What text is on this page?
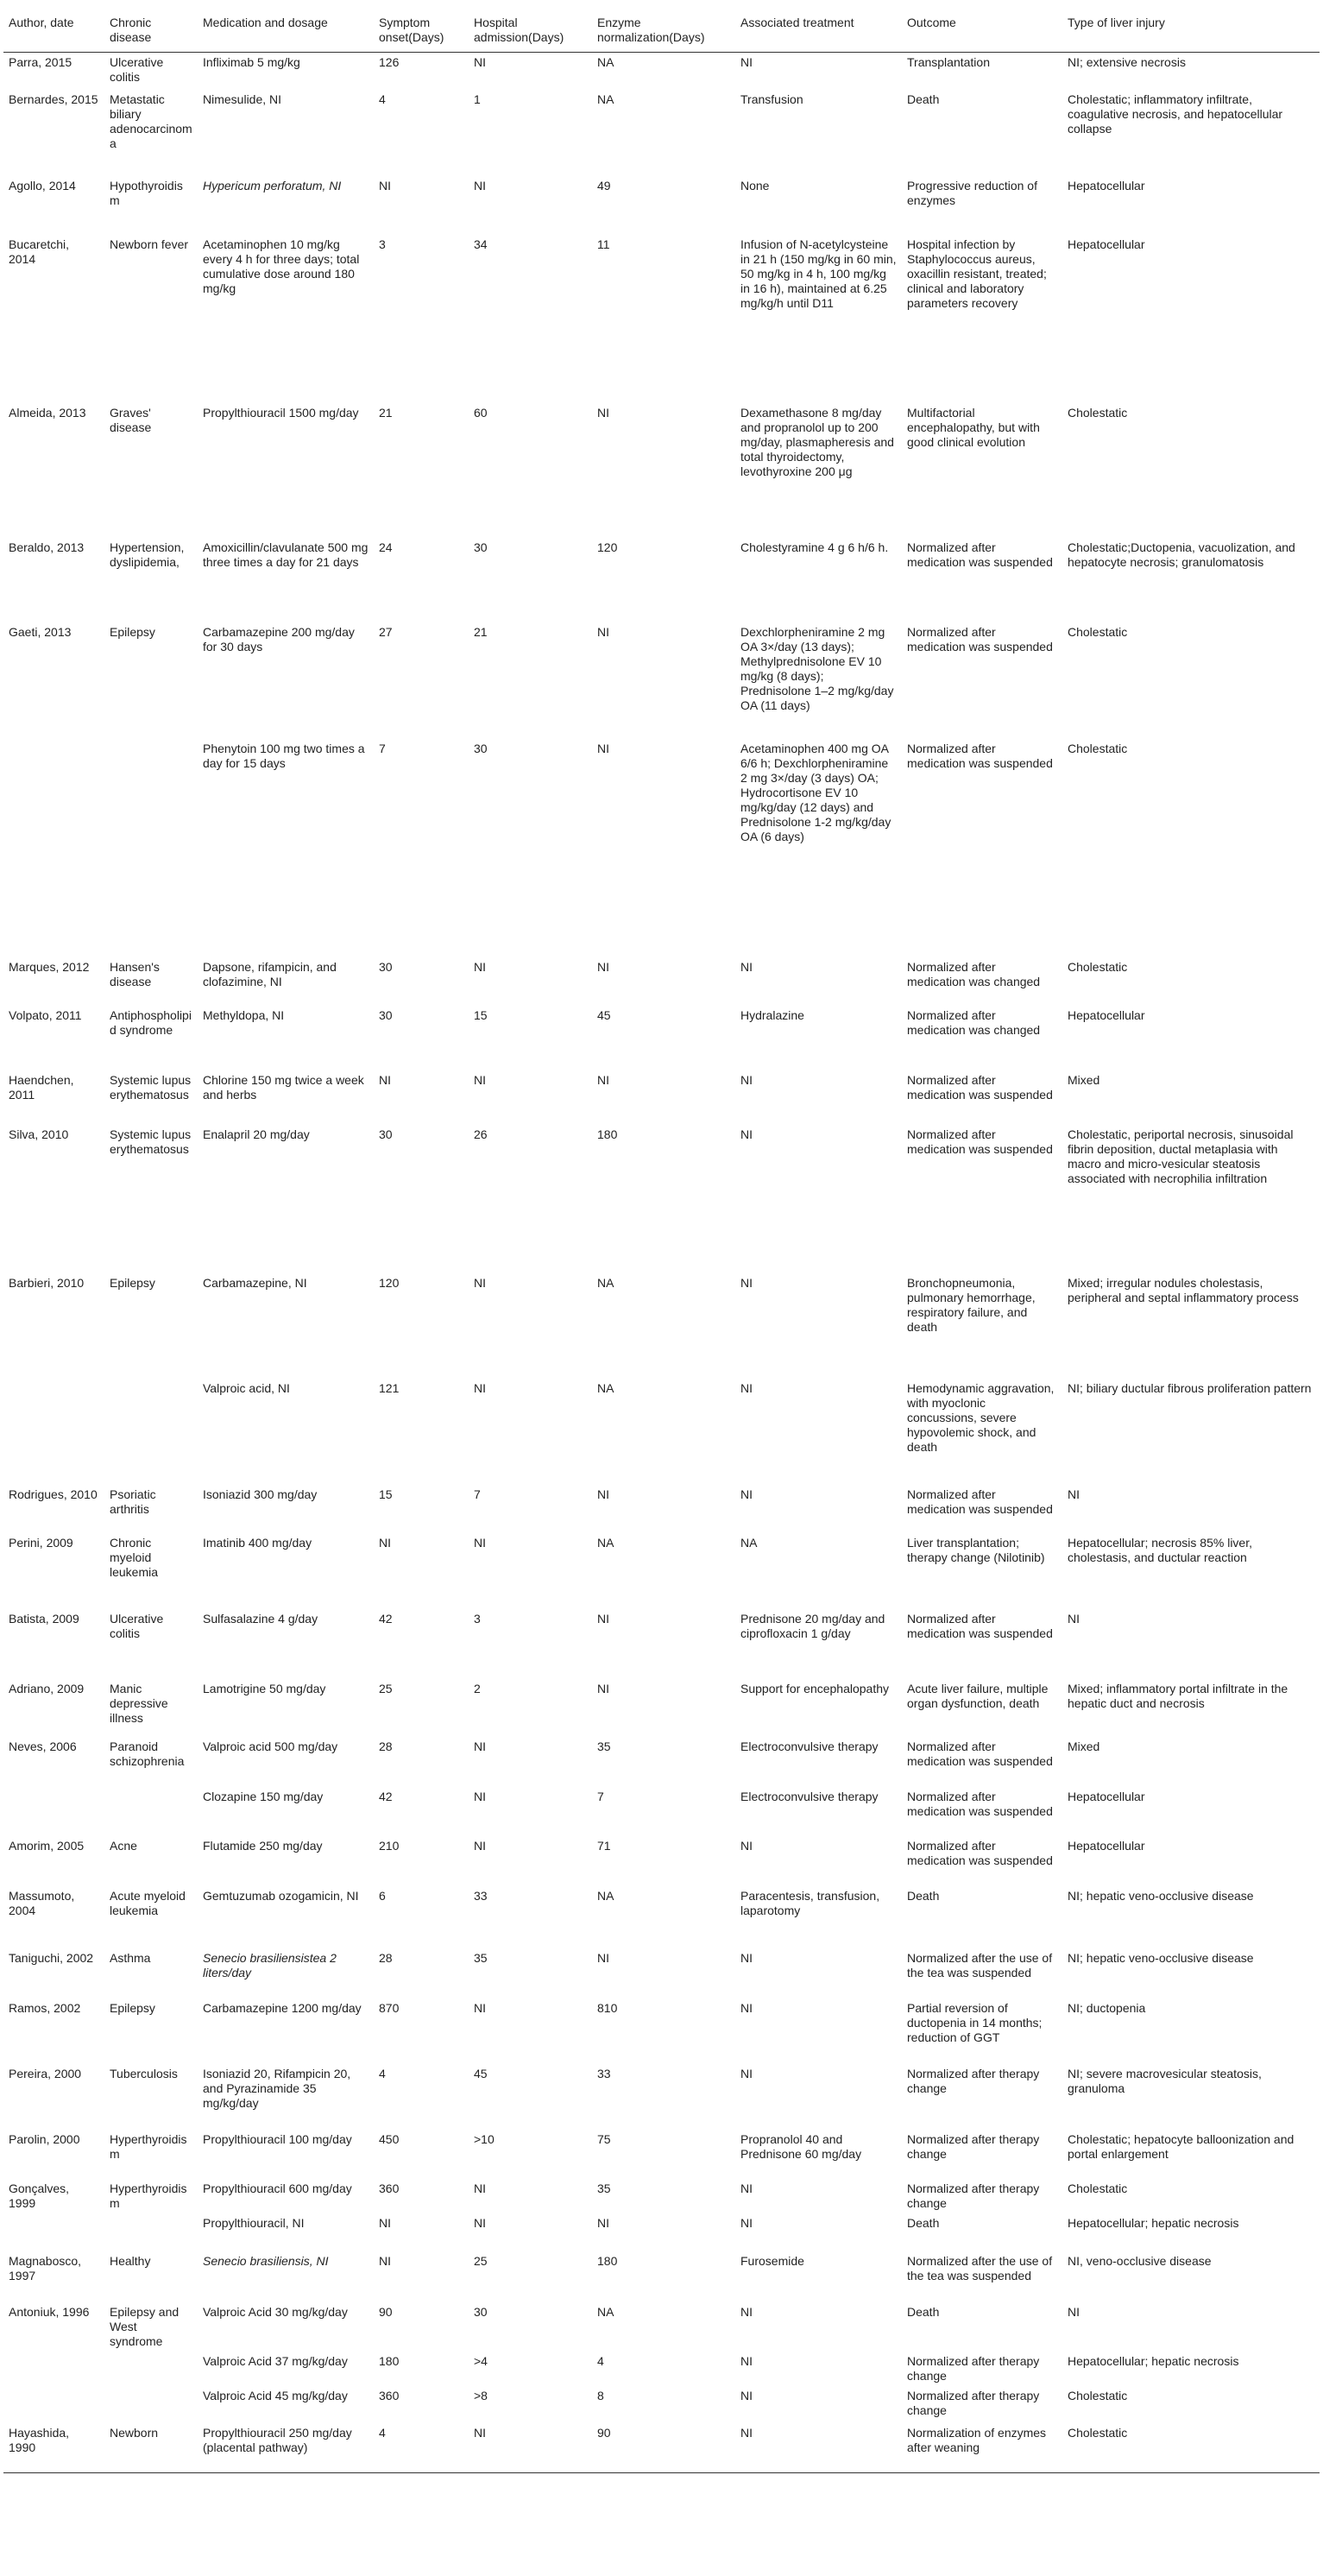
Author, date	Chronic disease	Medication and dosage	Symptom onset(Days)	Hospital admission(Days)	Enzyme normalization(Days)	Associated treatment	Outcome	Type of liver injury
Parra, 2015	Ulcerative colitis	Infliximab 5 mg/kg	126	NI	NA	NI	Transplantation	NI; extensive necrosis
Bernardes, 2015	Metastatic biliary adenocarcinoma	Nimesulide, NI	4	1	NA	Transfusion	Death	Cholestatic; inflammatory infiltrate, coagulative necrosis, and hepatocellular collapse
Agollo, 2014	Hypothyroidism	Hypericum perforatum, NI	NI	NI	49	None	Progressive reduction of enzymes	Hepatocellular
Bucaretchi, 2014	Newborn fever	Acetaminophen 10 mg/kg every 4 h for three days; total cumulative dose around 180 mg/kg	3	34	11	Infusion of N-acetylcysteine in 21 h (150 mg/kg in 60 min, 50 mg/kg in 4 h, 100 mg/kg in 16 h), maintained at 6.25 mg/kg/h until D11	Hospital infection by Staphylococcus aureus, oxacillin resistant, treated; clinical and laboratory parameters recovery	Hepatocellular
Almeida, 2013	Graves' disease	Propylthiouracil 1500 mg/day	21	60	NI	Dexamethasone 8 mg/day and propranolol up to 200 mg/day, plasmapheresis and total thyroidectomy, levothyroxine 200 μg	Multifactorial encephalopathy, but with good clinical evolution	Cholestatic
Beraldo, 2013	Hypertension, dyslipidemia,	Amoxicillin/clavulanate 500 mg three times a day for 21 days	24	30	120	Cholestyramine 4 g 6 h/6 h.	Normalized after medication was suspended	Cholestatic;Ductopenia, vacuolization, and hepatocyte necrosis; granulomatosis
Gaeti, 2013	Epilepsy	Carbamazepine 200 mg/day for 30 days	27	21	NI	Dexchlorpheniramine 2 mg OA 3×/day (13 days); Methylprednisolone EV 10 mg/kg (8 days); Prednisolone 1–2 mg/kg/day OA (11 days)	Normalized after medication was suspended	Cholestatic
		Phenytoin 100 mg two times a day for 15 days	7	30	NI	Acetaminophen 400 mg OA 6/6 h; Dexchlorpheniramine 2 mg 3×/day (3 days) OA; Hydrocortisone EV 10 mg/kg/day (12 days) and Prednisolone 1-2 mg/kg/day OA (6 days)	Normalized after medication was suspended	Cholestatic
Marques, 2012	Hansen's disease	Dapsone, rifampicin, and clofazimine, NI	30	NI	NI	NI	Normalized after medication was changed	Cholestatic
Volpato, 2011	Antiphospholipid syndrome	Methyldopa, NI	30	15	45	Hydralazine	Normalized after medication was changed	Hepatocellular
Haendchen, 2011	Systemic lupus erythematosus	Chlorine 150 mg twice a week and herbs	NI	NI	NI	NI	Normalized after medication was suspended	Mixed
Silva, 2010	Systemic lupus erythematosus	Enalapril 20 mg/day	30	26	180	NI	Normalized after medication was suspended	Cholestatic, periportal necrosis, sinusoidal fibrin deposition, ductal metaplasia with macro and micro-vesicular steatosis associated with necrophilia infiltration
Barbieri, 2010	Epilepsy	Carbamazepine, NI	120	NI	NA	NI	Bronchopneumonia, pulmonary hemorrhage, respiratory failure, and death	Mixed; irregular nodules cholestasis, peripheral and septal inflammatory process
		Valproic acid, NI	121	NI	NA	NI	Hemodynamic aggravation, with myoclonic concussions, severe hypovolemic shock, and death	NI; biliary ductular fibrous proliferation pattern
Rodrigues, 2010	Psoriatic arthritis	Isoniazid 300 mg/day	15	7	NI	NI	Normalized after medication was suspended	NI
Perini, 2009	Chronic myeloid leukemia	Imatinib 400 mg/day	NI	NI	NA	NA	Liver transplantation; therapy change (Nilotinib)	Hepatocellular; necrosis 85% liver, cholestasis, and ductular reaction
Batista, 2009	Ulcerative colitis	Sulfasalazine 4 g/day	42	3	NI	Prednisone 20 mg/day and ciprofloxacin 1 g/day	Normalized after medication was suspended	NI
Adriano, 2009	Manic depressive illness	Lamotrigine 50 mg/day	25	2	NI	Support for encephalopathy	Acute liver failure, multiple organ dysfunction, death	Mixed; inflammatory portal infiltrate in the hepatic duct and necrosis
Neves, 2006	Paranoid schizophrenia	Valproic acid 500 mg/day	28	NI	35	Electroconvulsive therapy	Normalized after medication was suspended	Mixed
		Clozapine 150 mg/day	42	NI	7	Electroconvulsive therapy	Normalized after medication was suspended	Hepatocellular
Amorim, 2005	Acne	Flutamide 250 mg/day	210	NI	71	NI	Normalized after medication was suspended	Hepatocellular
Massumoto, 2004	Acute myeloid leukemia	Gemtuzumab ozogamicin, NI	6	33	NA	Paracentesis, transfusion, laparotomy	Death	NI; hepatic veno-occlusive disease
Taniguchi, 2002	Asthma	Senecio brasiliensistea 2 liters/day	28	35	NI	NI	Normalized after the use of the tea was suspended	NI; hepatic veno-occlusive disease
Ramos, 2002	Epilepsy	Carbamazepine 1200 mg/day	870	NI	810	NI	Partial reversion of ductopenia in 14 months; reduction of GGT	NI; ductopenia
Pereira, 2000	Tuberculosis	Isoniazid 20, Rifampicin 20, and Pyrazinamide 35 mg/kg/day	4	45	33	NI	Normalized after therapy change	NI; severe macrovesicular steatosis, granuloma
Parolin, 2000	Hyperthyroidism	Propylthiouracil 100 mg/day	450	>10	75	Propranolol 40 and Prednisone 60 mg/day	Normalized after therapy change	Cholestatic; hepatocyte balloonization and portal enlargement
Gonçalves, 1999	Hyperthyroidism	Propylthiouracil 600 mg/day	360	NI	35	NI	Normalized after therapy change	Cholestatic
		Propylthiouracil, NI	NI	NI	NI	NI	Death	Hepatocellular; hepatic necrosis
Magnabosco, 1997	Healthy	Senecio brasiliensis, NI	NI	25	180	Furosemide	Normalized after the use of the tea was suspended	NI, veno-occlusive disease
Antoniuk, 1996	Epilepsy and West syndrome	Valproic Acid 30 mg/kg/day	90	30	NA	NI	Death	NI
		Valproic Acid 37 mg/kg/day	180	>4	4	NI	Normalized after therapy change	Hepatocellular; hepatic necrosis
		Valproic Acid 45 mg/kg/day	360	>8	8	NI	Normalized after therapy change	Cholestatic
Hayashida, 1990	Newborn	Propylthiouracil 250 mg/day (placental pathway)	4	NI	90	NI	Normalization of enzymes after weaning	Cholestatic
